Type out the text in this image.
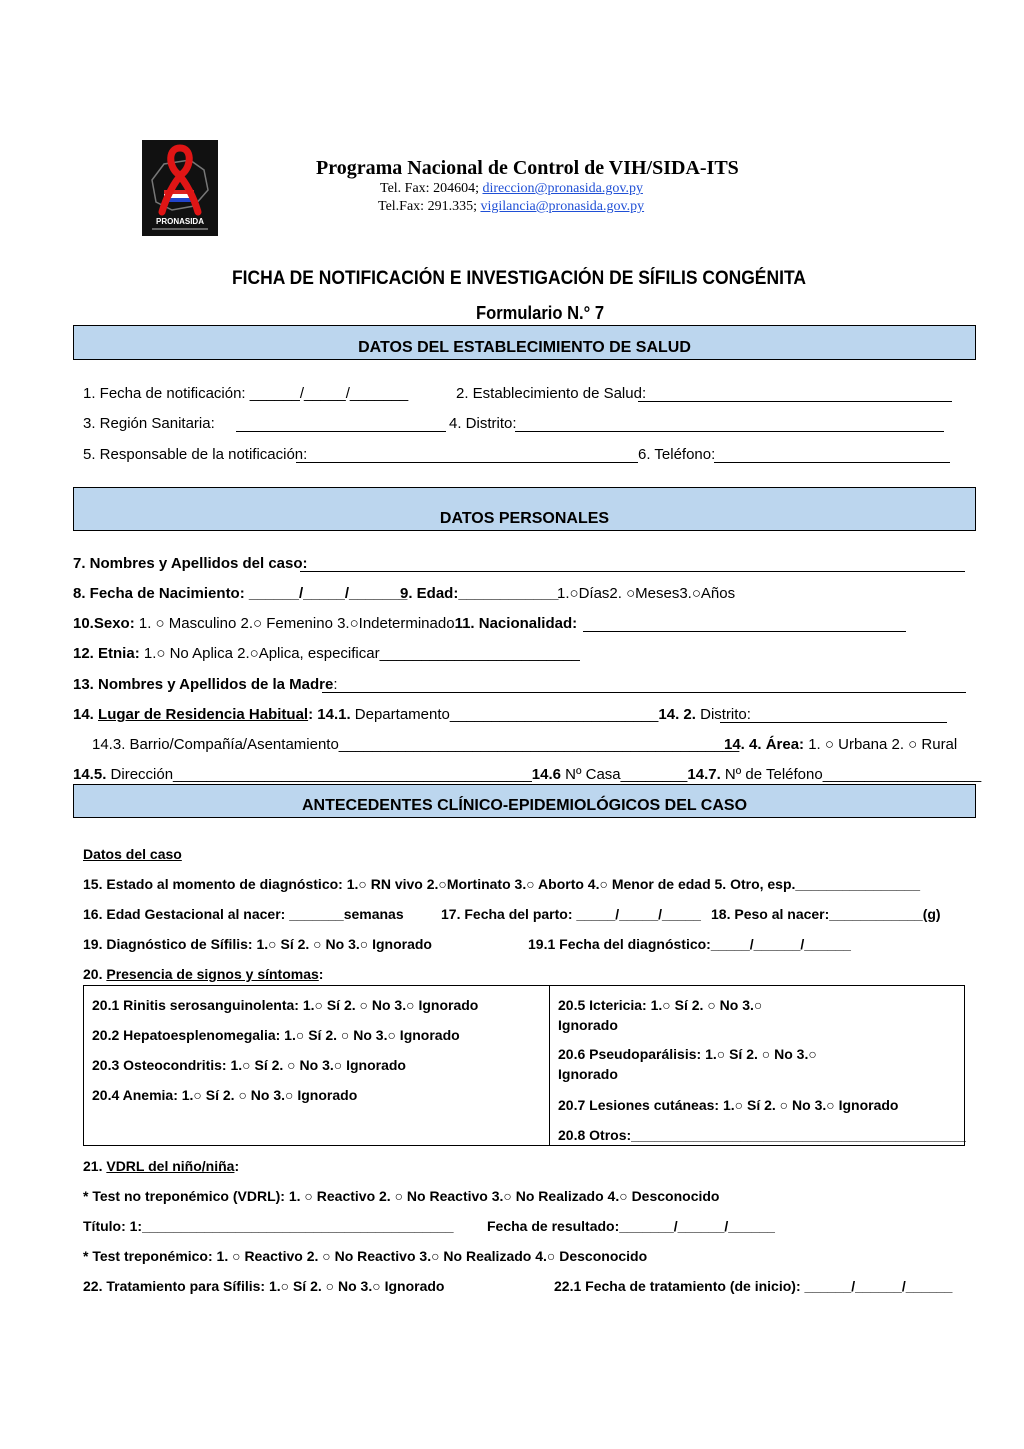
PRONASIDA
Programa Nacional de Control de VIH/SIDA-ITS
Tel. Fax: 204604; direccion@pronasida.gov.py
Tel.Fax: 291.335; vigilancia@pronasida.gov.py
FICHA DE NOTIFICACIÓN E INVESTIGACIÓN DE SÍFILIS CONGÉNITA
Formulario N.° 7
DATOS DEL ESTABLECIMIENTO DE SALUD
1. Fecha de notificación: ______/_____/_______	2. Establecimiento de Salud:
3. Región Sanitaria:	4. Distrito:
5. Responsable de la notificación:	6. Teléfono:
DATOS PERSONALES
7. Nombres y Apellidos del caso:
8. Fecha de Nacimiento: ______/_____/_______
9. Edad:____________
1.○Días2. ○Meses3.○Años
10.Sexo: 1. ○ Masculino 2.○ Femenino 3.○Indeterminado11. Nacionalidad:
12. Etnia: 1.○ No Aplica 2.○Aplica, especificar________________________
13. Nombres y Apellidos de la Madre:
14. Lugar de Residencia Habitual: 14.1. Departamento_________________________14. 2. Distrito:
14.3. Barrio/Compañía/Asentamiento________________________________________________
14. 4. Área: 1. ○ Urbana 2. ○ Rural
14.5. Dirección___________________________________________14.6 Nº Casa________14.7. Nº de Teléfono___________________
ANTECEDENTES CLÍNICO-EPIDEMIOLÓGICOS DEL CASO
Datos del caso
15. Estado al momento de diagnóstico: 1.○ RN vivo 2.○Mortinato 3.○ Aborto 4.○ Menor de edad 5. Otro, esp.________________
16. Edad Gestacional al nacer: _______semanas	17. Fecha del parto: _____/_____/_____ 18. Peso al nacer:____________(g)
19. Diagnóstico de Sífilis: 1.○ Sí 2. ○ No 3.○ Ignorado	19.1 Fecha del diagnóstico:_____/______/______
20. Presencia de signos y síntomas:
20.1 Rinitis serosanguinolenta: 1.○ Sí 2. ○ No 3.○ Ignorado
20.2 Hepatoesplenomegalia: 1.○ Sí 2. ○ No 3.○ Ignorado
20.3 Osteocondritis: 1.○ Sí 2. ○ No 3.○ Ignorado
20.4 Anemia: 1.○ Sí 2. ○ No 3.○ Ignorado
20.5 Ictericia: 1.○ Sí 2. ○ No 3.○
Ignorado
20.6 Pseudoparálisis: 1.○ Sí 2. ○ No 3.○
Ignorado
20.7 Lesiones cutáneas: 1.○ Sí 2. ○ No 3.○ Ignorado
20.8 Otros:___________________________________________
21. VDRL del niño/niña:
* Test no treponémico (VDRL): 1. ○ Reactivo 2. ○ No Reactivo 3.○ No Realizado 4.○ Desconocido
Título: 1:________________________________________ Fecha de resultado:_______/______/______
* Test treponémico: 1. ○ Reactivo 2. ○ No Reactivo 3.○ No Realizado 4.○ Desconocido
22. Tratamiento para Sífilis: 1.○ Sí 2. ○ No 3.○ Ignorado	22.1 Fecha de tratamiento (de inicio): ______/______/______
